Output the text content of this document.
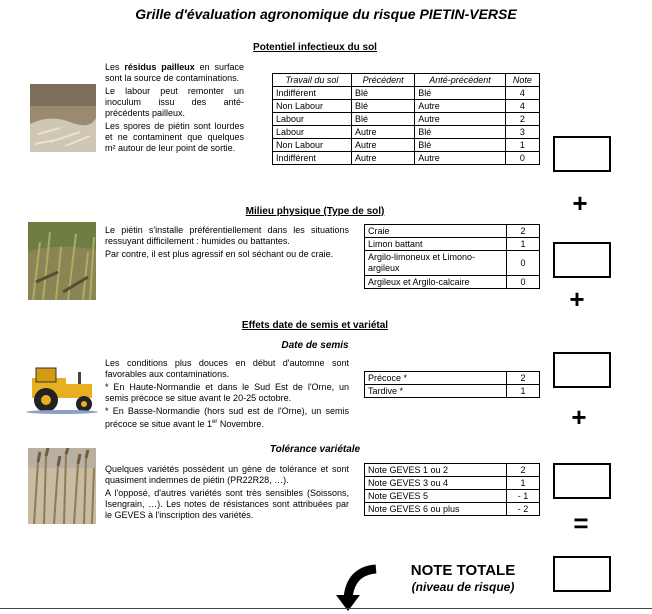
Grille d'évaluation agronomique du risque PIETIN-VERSE
Potentiel infectieux du sol

Les résidus pailleux en surface sont la source de contaminations.

Le labour peut remonter un inoculum issu des anté-précédents pailleux.

Les spores de piétin sont lourdes et ne contaminent que quelques m² autour de leur point de sortie.

Travail du sol	Précédent	Anté-précédent	Note
Indifférent	Blé	Blé	4
Non Labour	Blé	Autre	4
Labour	Blé	Autre	2
Labour	Autre	Blé	3
Non Labour	Autre	Blé	1
Indifférent	Autre	Autre	0
+
Milieu physique (Type de sol)

Le piétin s'installe préférentiellement dans les situations ressuyant difficilement : humides ou battantes.

Par contre, il est plus agressif en sol séchant ou de craie.

Craie	2
Limon battant	1
Argilo-limoneux et Limono-argileux	0
Argileux et Argilo-calcaire	0
+
Effets date de semis et variétal
Date de semis

Les conditions plus douces en début d'automne sont favorables aux contaminations.

* En Haute-Normandie et dans le Sud Est de l'Orne, un semis précoce se situe avant le 20-25 octobre.

* En Basse-Normandie (hors sud est de l'Orne), un semis précoce se situe avant le 1er Novembre.

Précoce *	2
Tardive *	1
+
Tolérance variétale

Quelques variétés possèdent un gène de tolérance et sont quasiment indemnes de piétin (PR22R28, …).

A l'opposé, d'autres variétés sont très sensibles (Soissons, Isengrain, …). Les notes de résistances sont attribuées par le GEVES à l'inscription des variétés.

Note GEVES 1 ou 2	2
Note GEVES 3 ou 4	1
Note GEVES 5	- 1
Note GEVES 6 ou plus	- 2	=
NOTE TOTALE
(niveau de risque)
